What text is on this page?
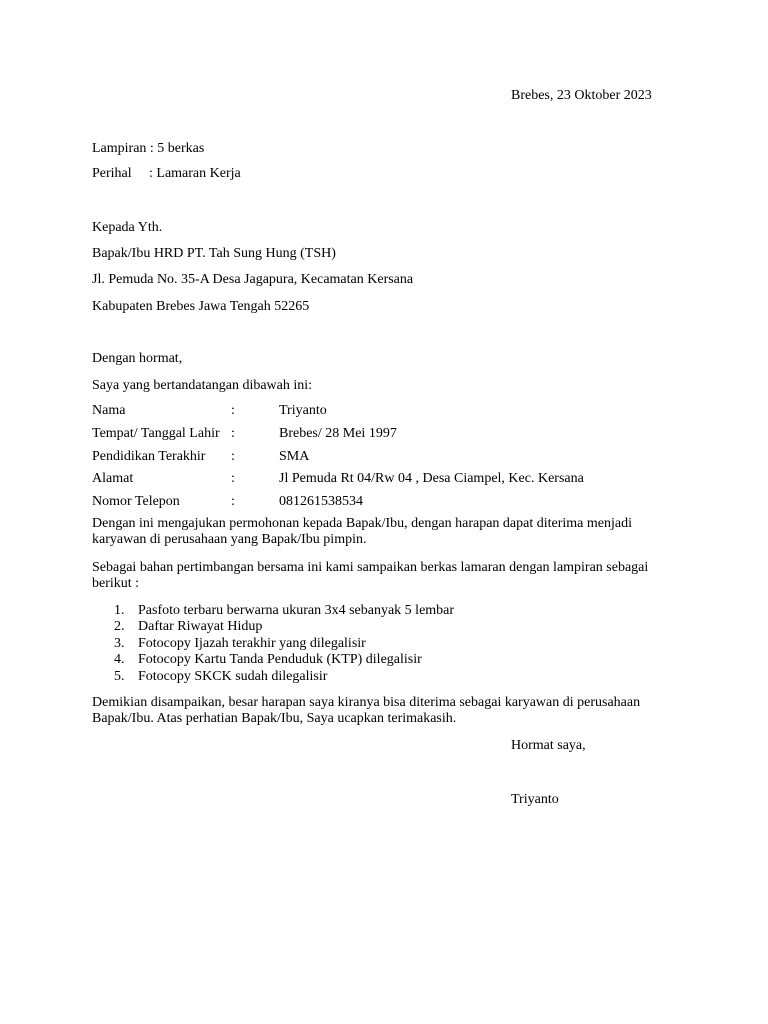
Brebes, 23 Oktober 2023
Lampiran : 5 berkas
Perihal : Lamaran Kerja
Kepada Yth.
Bapak/Ibu HRD PT. Tah Sung Hung (TSH)
Jl. Pemuda No. 35-A Desa Jagapura, Kecamatan Kersana
Kabupaten Brebes Jawa Tengah 52265
Dengan hormat,
Saya yang bertandatangan dibawah ini:
Nama	:	Triyanto
Tempat/ Tanggal Lahir :	Brebes/ 28 Mei 1997
Pendidikan Terakhir :	SMA
Alamat	:	Jl Pemuda Rt 04/Rw 04 , Desa Ciampel, Kec. Kersana
Nomor Telepon	:	081261538534
Dengan ini mengajukan permohonan kepada Bapak/Ibu, dengan harapan dapat diterima menjadi karyawan di perusahaan yang Bapak/Ibu pimpin.
Sebagai bahan pertimbangan bersama ini kami sampaikan berkas lamaran dengan lampiran sebagai berikut :
1. Pasfoto terbaru berwarna ukuran 3x4 sebanyak 5 lembar
2. Daftar Riwayat Hidup
3. Fotocopy Ijazah terakhir yang dilegalisir
4. Fotocopy Kartu Tanda Penduduk (KTP) dilegalisir
5. Fotocopy SKCK sudah dilegalisir
Demikian disampaikan, besar harapan saya kiranya bisa diterima sebagai karyawan di perusahaan Bapak/Ibu. Atas perhatian Bapak/Ibu, Saya ucapkan terimakasih.
Hormat saya,
Triyanto
